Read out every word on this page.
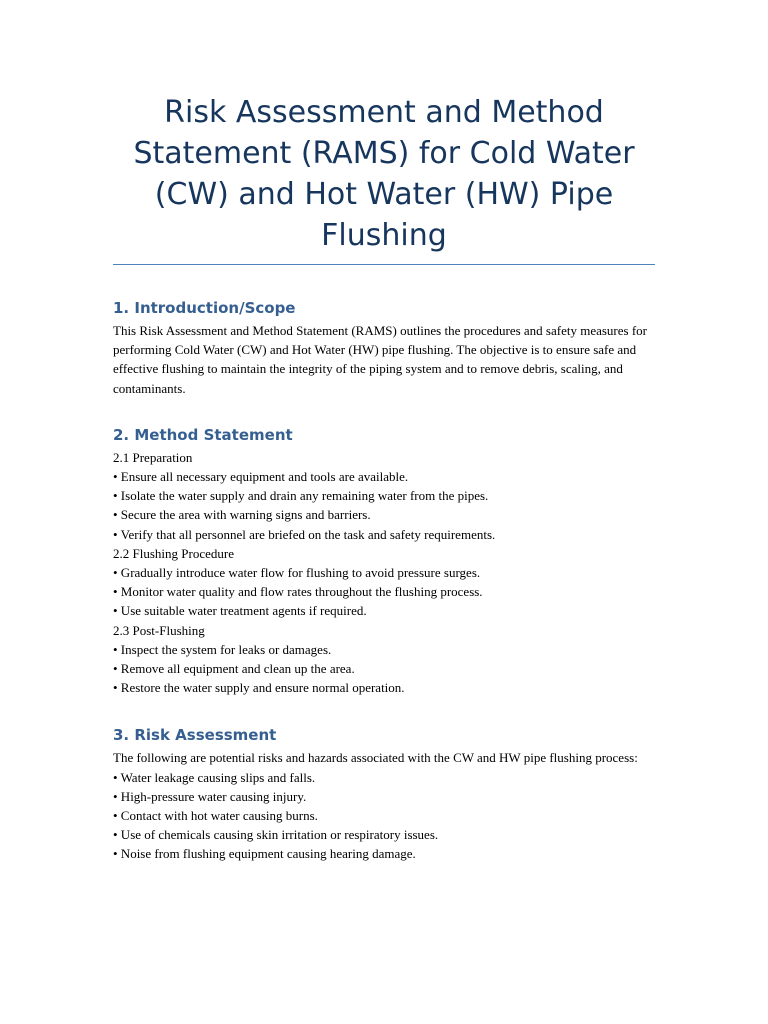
Risk Assessment and Method Statement (RAMS) for Cold Water (CW) and Hot Water (HW) Pipe Flushing
1. Introduction/Scope

This Risk Assessment and Method Statement (RAMS) outlines the procedures and safety measures for performing Cold Water (CW) and Hot Water (HW) pipe flushing. The objective is to ensure safe and effective flushing to maintain the integrity of the piping system and to remove debris, scaling, and contaminants.

2. Method Statement

2.1 Preparation

• Ensure all necessary equipment and tools are available.

• Isolate the water supply and drain any remaining water from the pipes.

• Secure the area with warning signs and barriers.

• Verify that all personnel are briefed on the task and safety requirements.

2.2 Flushing Procedure

• Gradually introduce water flow for flushing to avoid pressure surges.

• Monitor water quality and flow rates throughout the flushing process.

• Use suitable water treatment agents if required.

2.3 Post-Flushing

• Inspect the system for leaks or damages.

• Remove all equipment and clean up the area.

• Restore the water supply and ensure normal operation.

3. Risk Assessment

The following are potential risks and hazards associated with the CW and HW pipe flushing process:

• Water leakage causing slips and falls.

• High-pressure water causing injury.

• Contact with hot water causing burns.

• Use of chemicals causing skin irritation or respiratory issues.

• Noise from flushing equipment causing hearing damage.
